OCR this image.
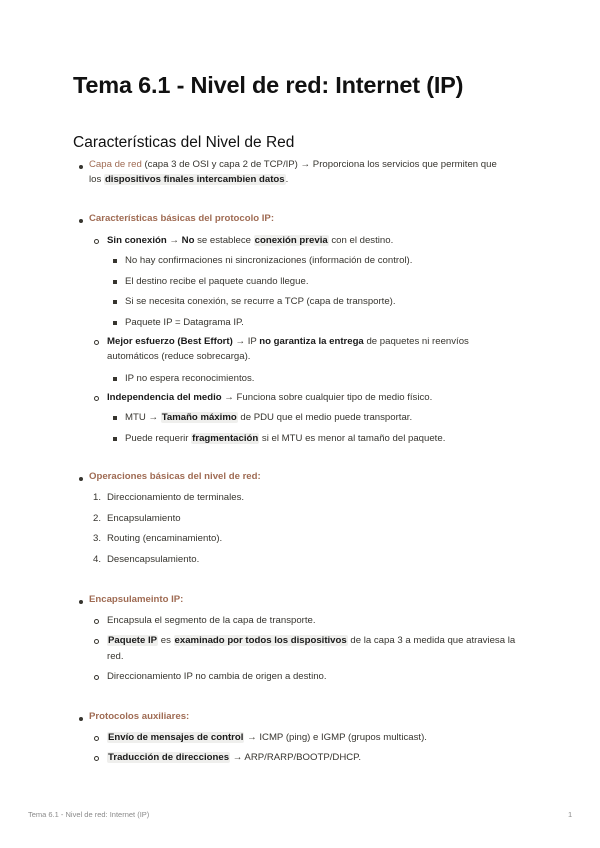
Tema 6.1 - Nivel de red: Internet (IP)
Características del Nivel de Red
Capa de red (capa 3 de OSI y capa 2 de TCP/IP) → Proporciona los servicios que permiten que
los dispositivos finales intercambien datos.
Características básicas del protocolo IP:
Sin conexión → No se establece conexión previa con el destino.
No hay confirmaciones ni sincronizaciones (información de control).
El destino recibe el paquete cuando llegue.
Si se necesita conexión, se recurre a TCP (capa de transporte).
Paquete IP = Datagrama IP.
Mejor esfuerzo (Best Effort) → IP no garantiza la entrega de paquetes ni reenvíos
automáticos (reduce sobrecarga).
IP no espera reconocimientos.
Independencia del medio → Funciona sobre cualquier tipo de medio físico.
MTU → Tamaño máximo de PDU que el medio puede transportar.
Puede requerir fragmentación si el MTU es menor al tamaño del paquete.
Operaciones básicas del nivel de red:
1. Direccionamiento de terminales.
2. Encapsulamiento
3. Routing (encaminamiento).
4. Desencapsulamiento.
Encapsulameinto IP:
Encapsula el segmento de la capa de transporte.
Paquete IP es examinado por todos los dispositivos de la capa 3 a medida que atraviesa la
red.
Direccionamiento IP no cambia de origen a destino.
Protocolos auxiliares:
Envío de mensajes de control → ICMP (ping) e IGMP (grupos multicast).
Traducción de direcciones → ARP/RARP/BOOTP/DHCP.
Tema 6.1 - Nivel de red: Internet (IP)	1
